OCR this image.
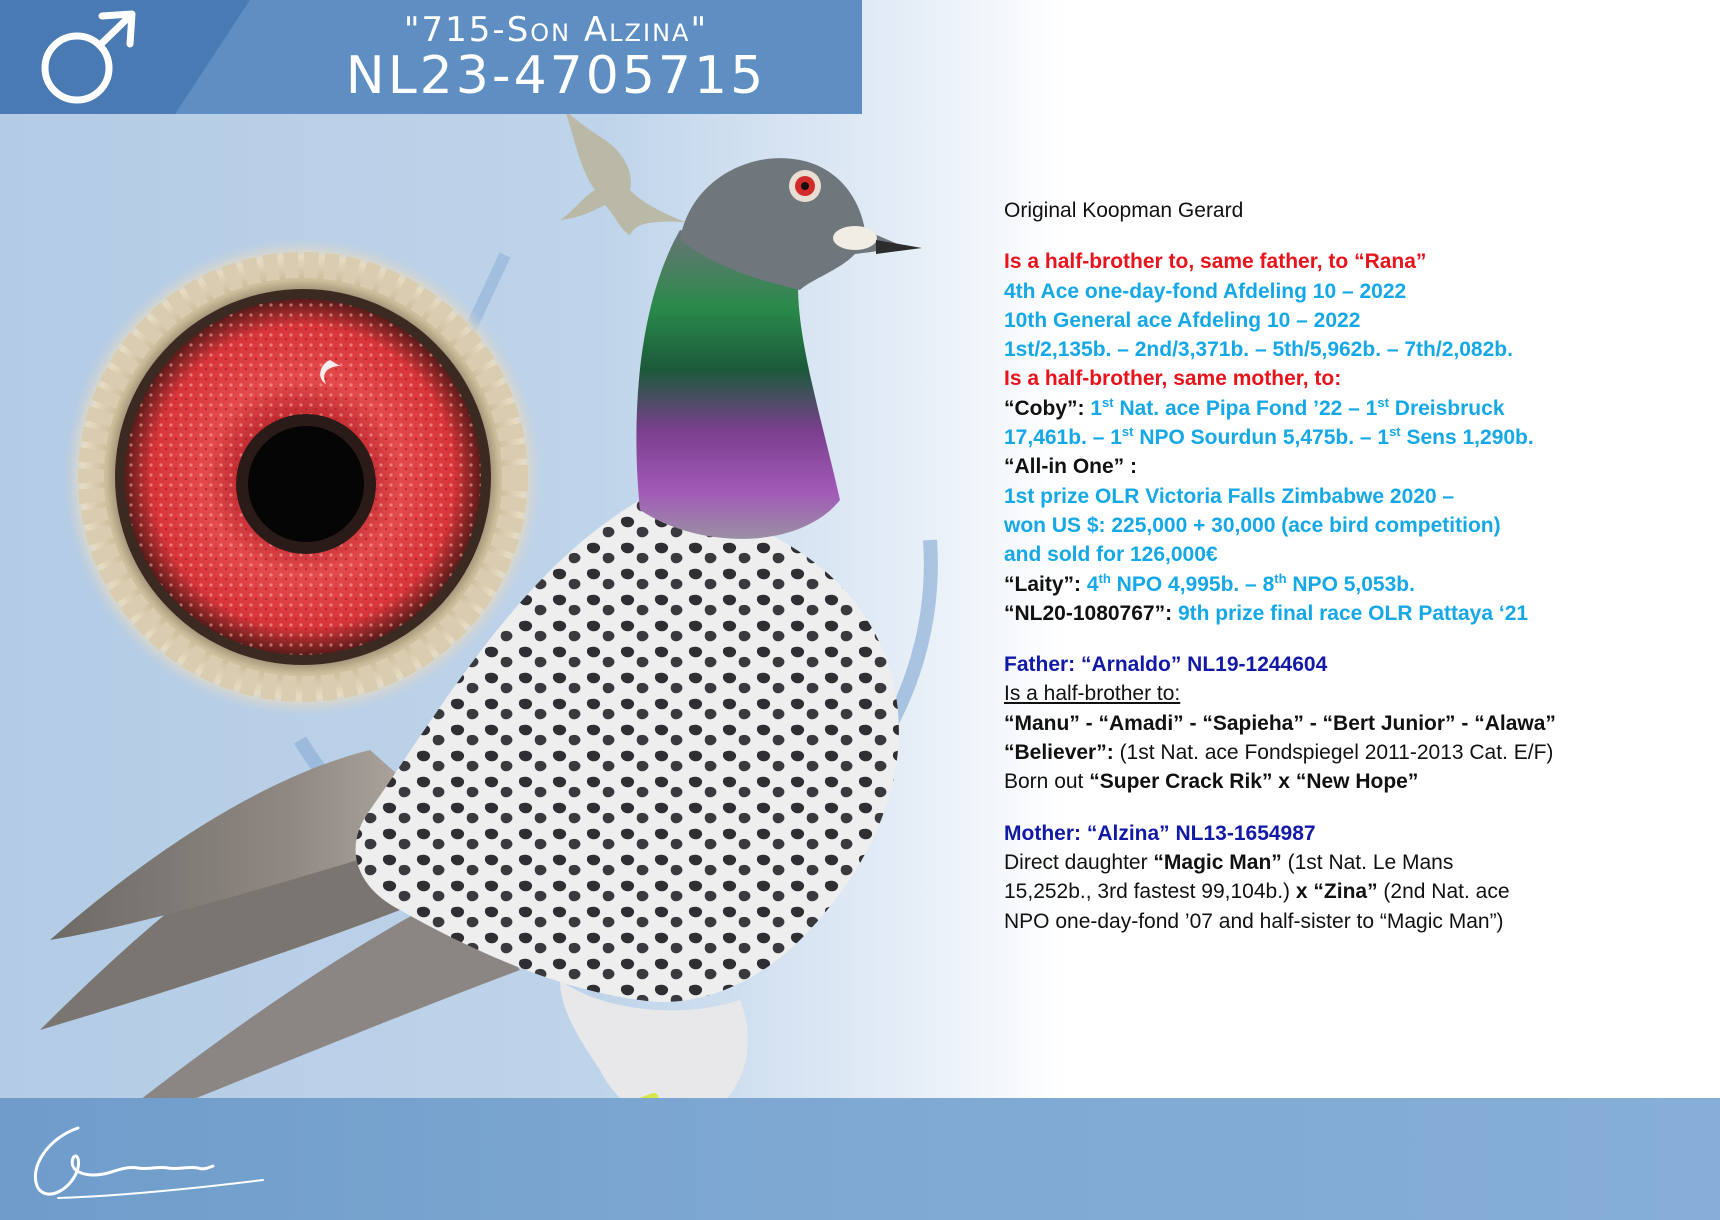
"715-Son Alzina"
NL23-4705715

Original Koopman Gerard

Is a half-brother to, same father, to “Rana”

4th Ace one-day-fond Afdeling 10 – 2022

10th General ace Afdeling 10 – 2022

1st/2,135b. – 2nd/3,371b. – 5th/5,962b. – 7th/2,082b.

Is a half-brother, same mother, to:

“Coby”: 1st Nat. ace Pipa Fond ’22 – 1st Dreisbruck

17,461b. – 1st NPO Sourdun 5,475b. – 1st Sens 1,290b.

“All-in One” :

1st prize OLR Victoria Falls Zimbabwe 2020 –

won US $: 225,000 + 30,000 (ace bird competition)

and sold for 126,000€

“Laity”: 4th NPO 4,995b. – 8th NPO 5,053b.

“NL20-1080767”: 9th prize final race OLR Pattaya ‘21

Father: “Arnaldo” NL19-1244604

Is a half-brother to:

“Manu” - “Amadi” - “Sapieha” - “Bert Junior” - “Alawa”

“Believer”: (1st Nat. ace Fondspiegel 2011-2013 Cat. E/F)

Born out “Super Crack Rik” x “New Hope”

Mother: “Alzina” NL13-1654987

Direct daughter “Magic Man” (1st Nat. Le Mans

15,252b., 3rd fastest 99,104b.) x “Zina” (2nd Nat. ace

NPO one-day-fond ’07 and half-sister to “Magic Man”)
